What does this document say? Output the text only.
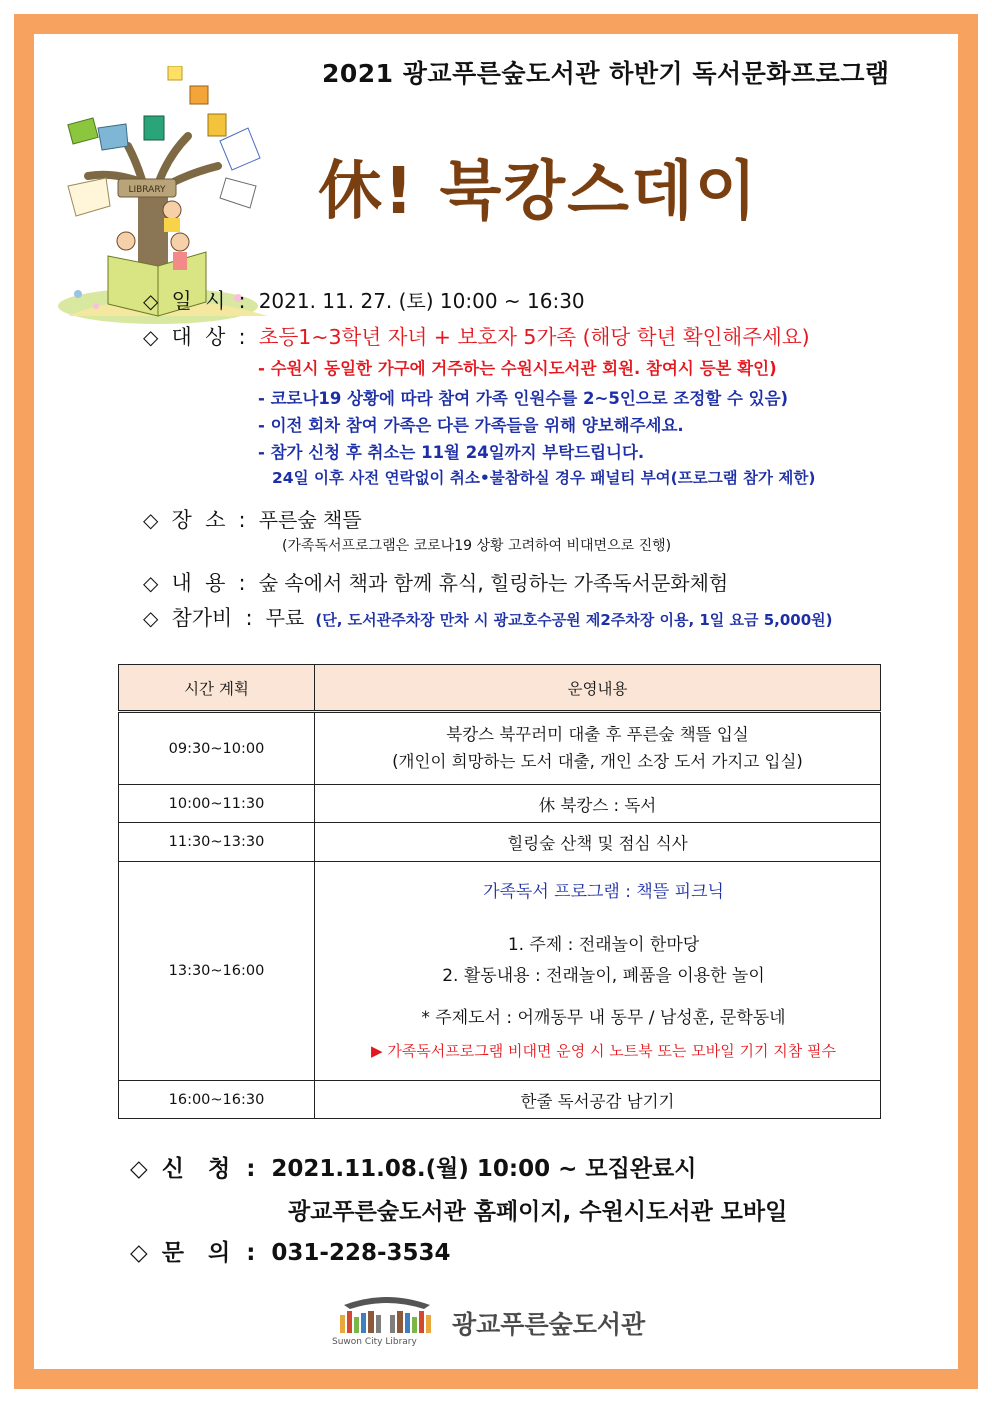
2021 광교푸른숲도서관 하반기 독서문화프로그램
休! 북캉스데이
LIBRARY
◇ 일  시 : 2021. 11. 27. (토) 10:00 ~ 16:30
◇ 대  상 : 초등1~3학년 자녀 + 보호자 5가족 (해당 학년 확인해주세요)
- 수원시 동일한 가구에 거주하는 수원시도서관 회원. 참여시 등본 확인)
- 코로나19 상황에 따라 참여 가족 인원수를 2~5인으로 조정할 수 있음)
- 이전 회차 참여 가족은 다른 가족들을 위해 양보해주세요.
- 참가 신청 후 취소는 11월 24일까지 부탁드립니다.
24일 이후 사전 연락없이 취소•불참하실 경우 패널티 부여(프로그램 참가 제한)
◇ 장  소 : 푸른숲 책뜰
(가족독서프로그램은 코로나19 상황 고려하여 비대면으로 진행)
◇ 내  용 : 숲 속에서 책과 함께 휴식, 힐링하는 가족독서문화체험
◇ 참가비 : 무료 (단, 도서관주차장 만차 시 광교호수공원 제2주차장 이용, 1일 요금 5,000원)
시간 계획	운영내용
09:30~10:00	북캉스 북꾸러미 대출 후 푸른숲 책뜰 입실
(개인이 희망하는 도서 대출, 개인 소장 도서 가지고 입실)

10:00~11:30	休 북캉스 : 독서
11:30~13:30	힐링숲 산책 및 점심 식사
13:30~16:00	가족독서 프로그램 : 책뜰 피크닉
1. 주제 : 전래놀이 한마당
2. 활동내용 : 전래놀이, 폐품을 이용한 놀이
* 주제도서 : 어깨동무 내 동무 / 남성훈, 문학동네
▶ 가족독서프로그램 비대면 운영 시 노트북 또는 모바일 기기 지참 필수

16:00~16:30	한줄 독서공감 남기기
◇ 신   청 : 2021.11.08.(월) 10:00 ~ 모집완료시
광교푸른숲도서관 홈페이지, 수원시도서관 모바일
◇ 문   의 : 031-228-3534
광교푸른숲도서관
Suwon City Library
